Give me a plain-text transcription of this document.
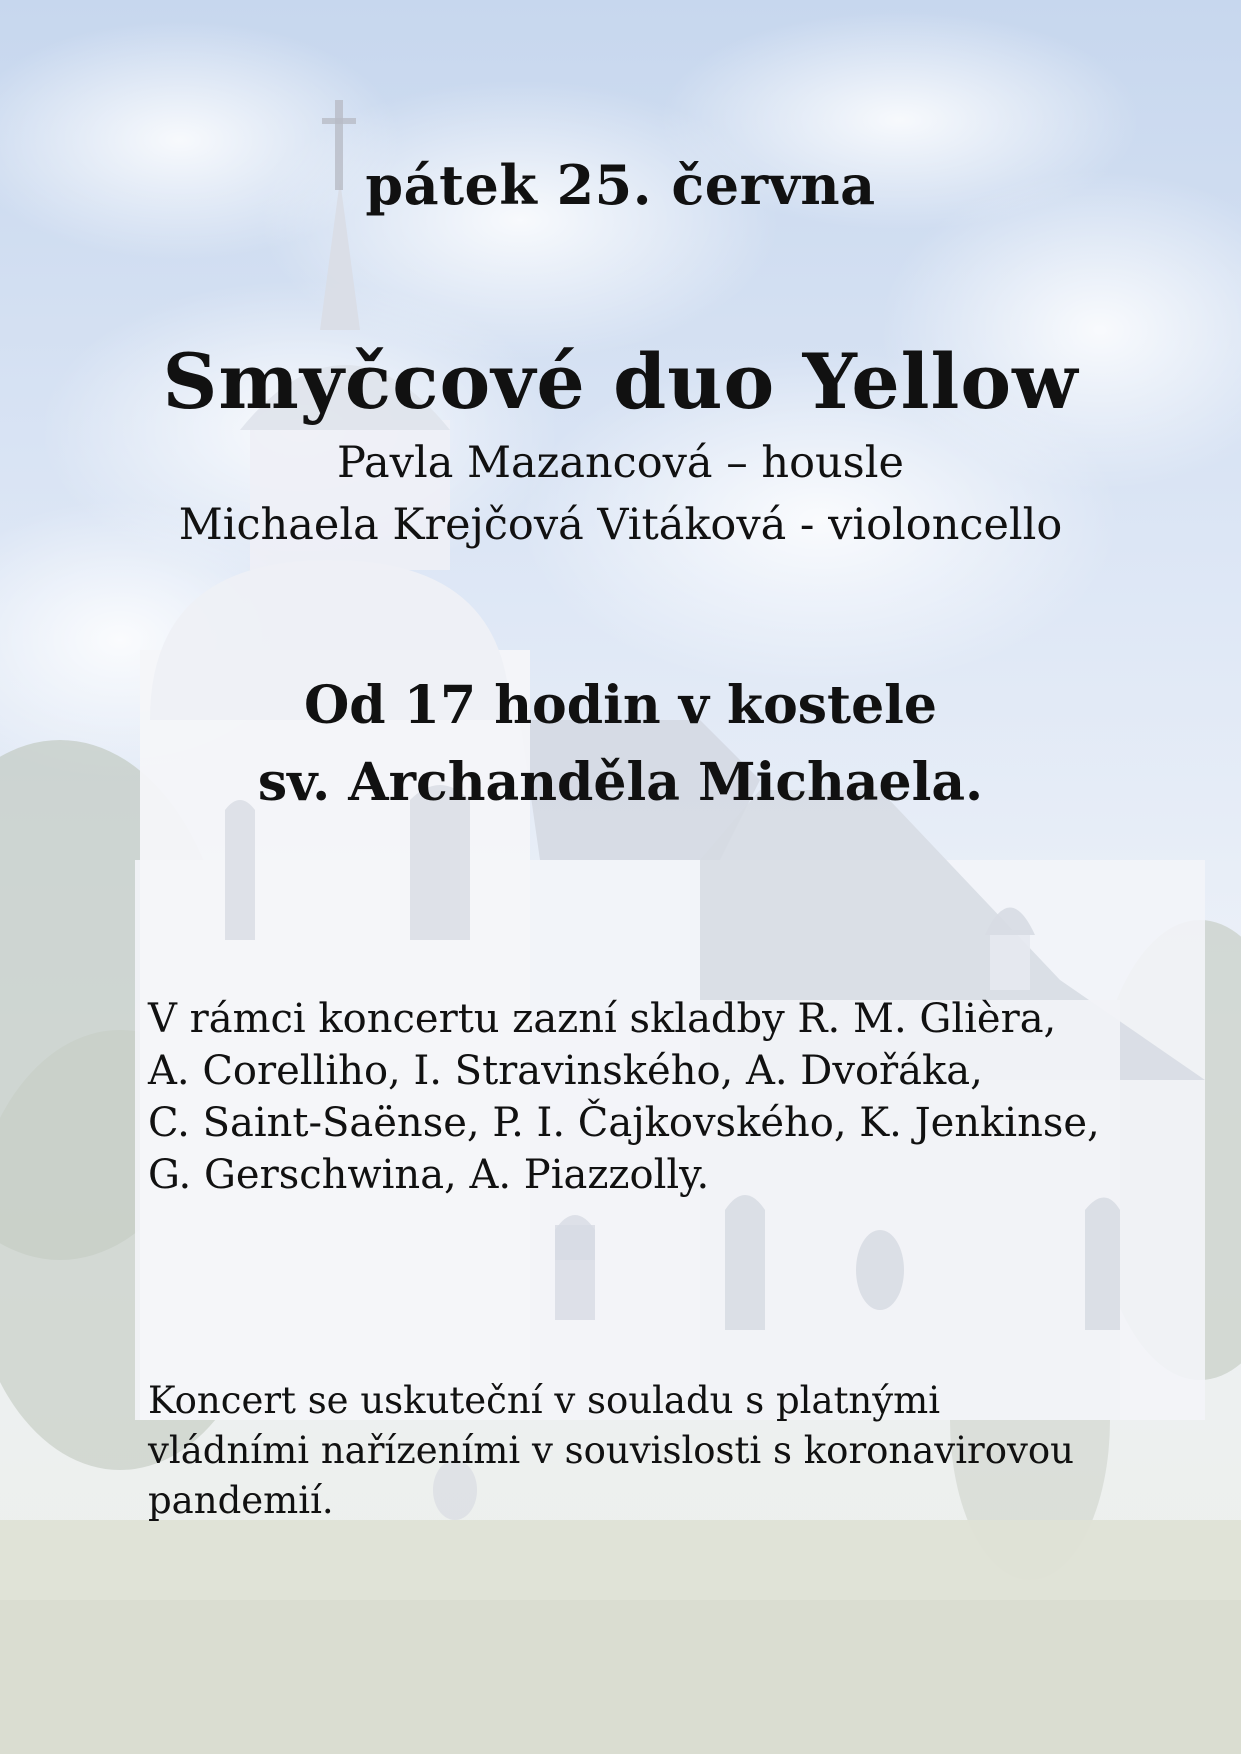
pátek 25. června
Smyčcové duo Yellow
Pavla Mazancová – housle
Michaela Krejčová Vitáková - violoncello
Od 17 hodin v kostele
sv. Archanděla Michaela.
V rámci koncertu zazní skladby R. M. Glièra,
A. Corelliho, I. Stravinského, A. Dvořáka,
C. Saint-Saënse, P. I. Čajkovského, K. Jenkinse,
G. Gerschwina, A. Piazzolly.
Koncert se uskuteční v souladu s platnými
vládními nařízeními v souvislosti s koronavirovou
pandemií.
